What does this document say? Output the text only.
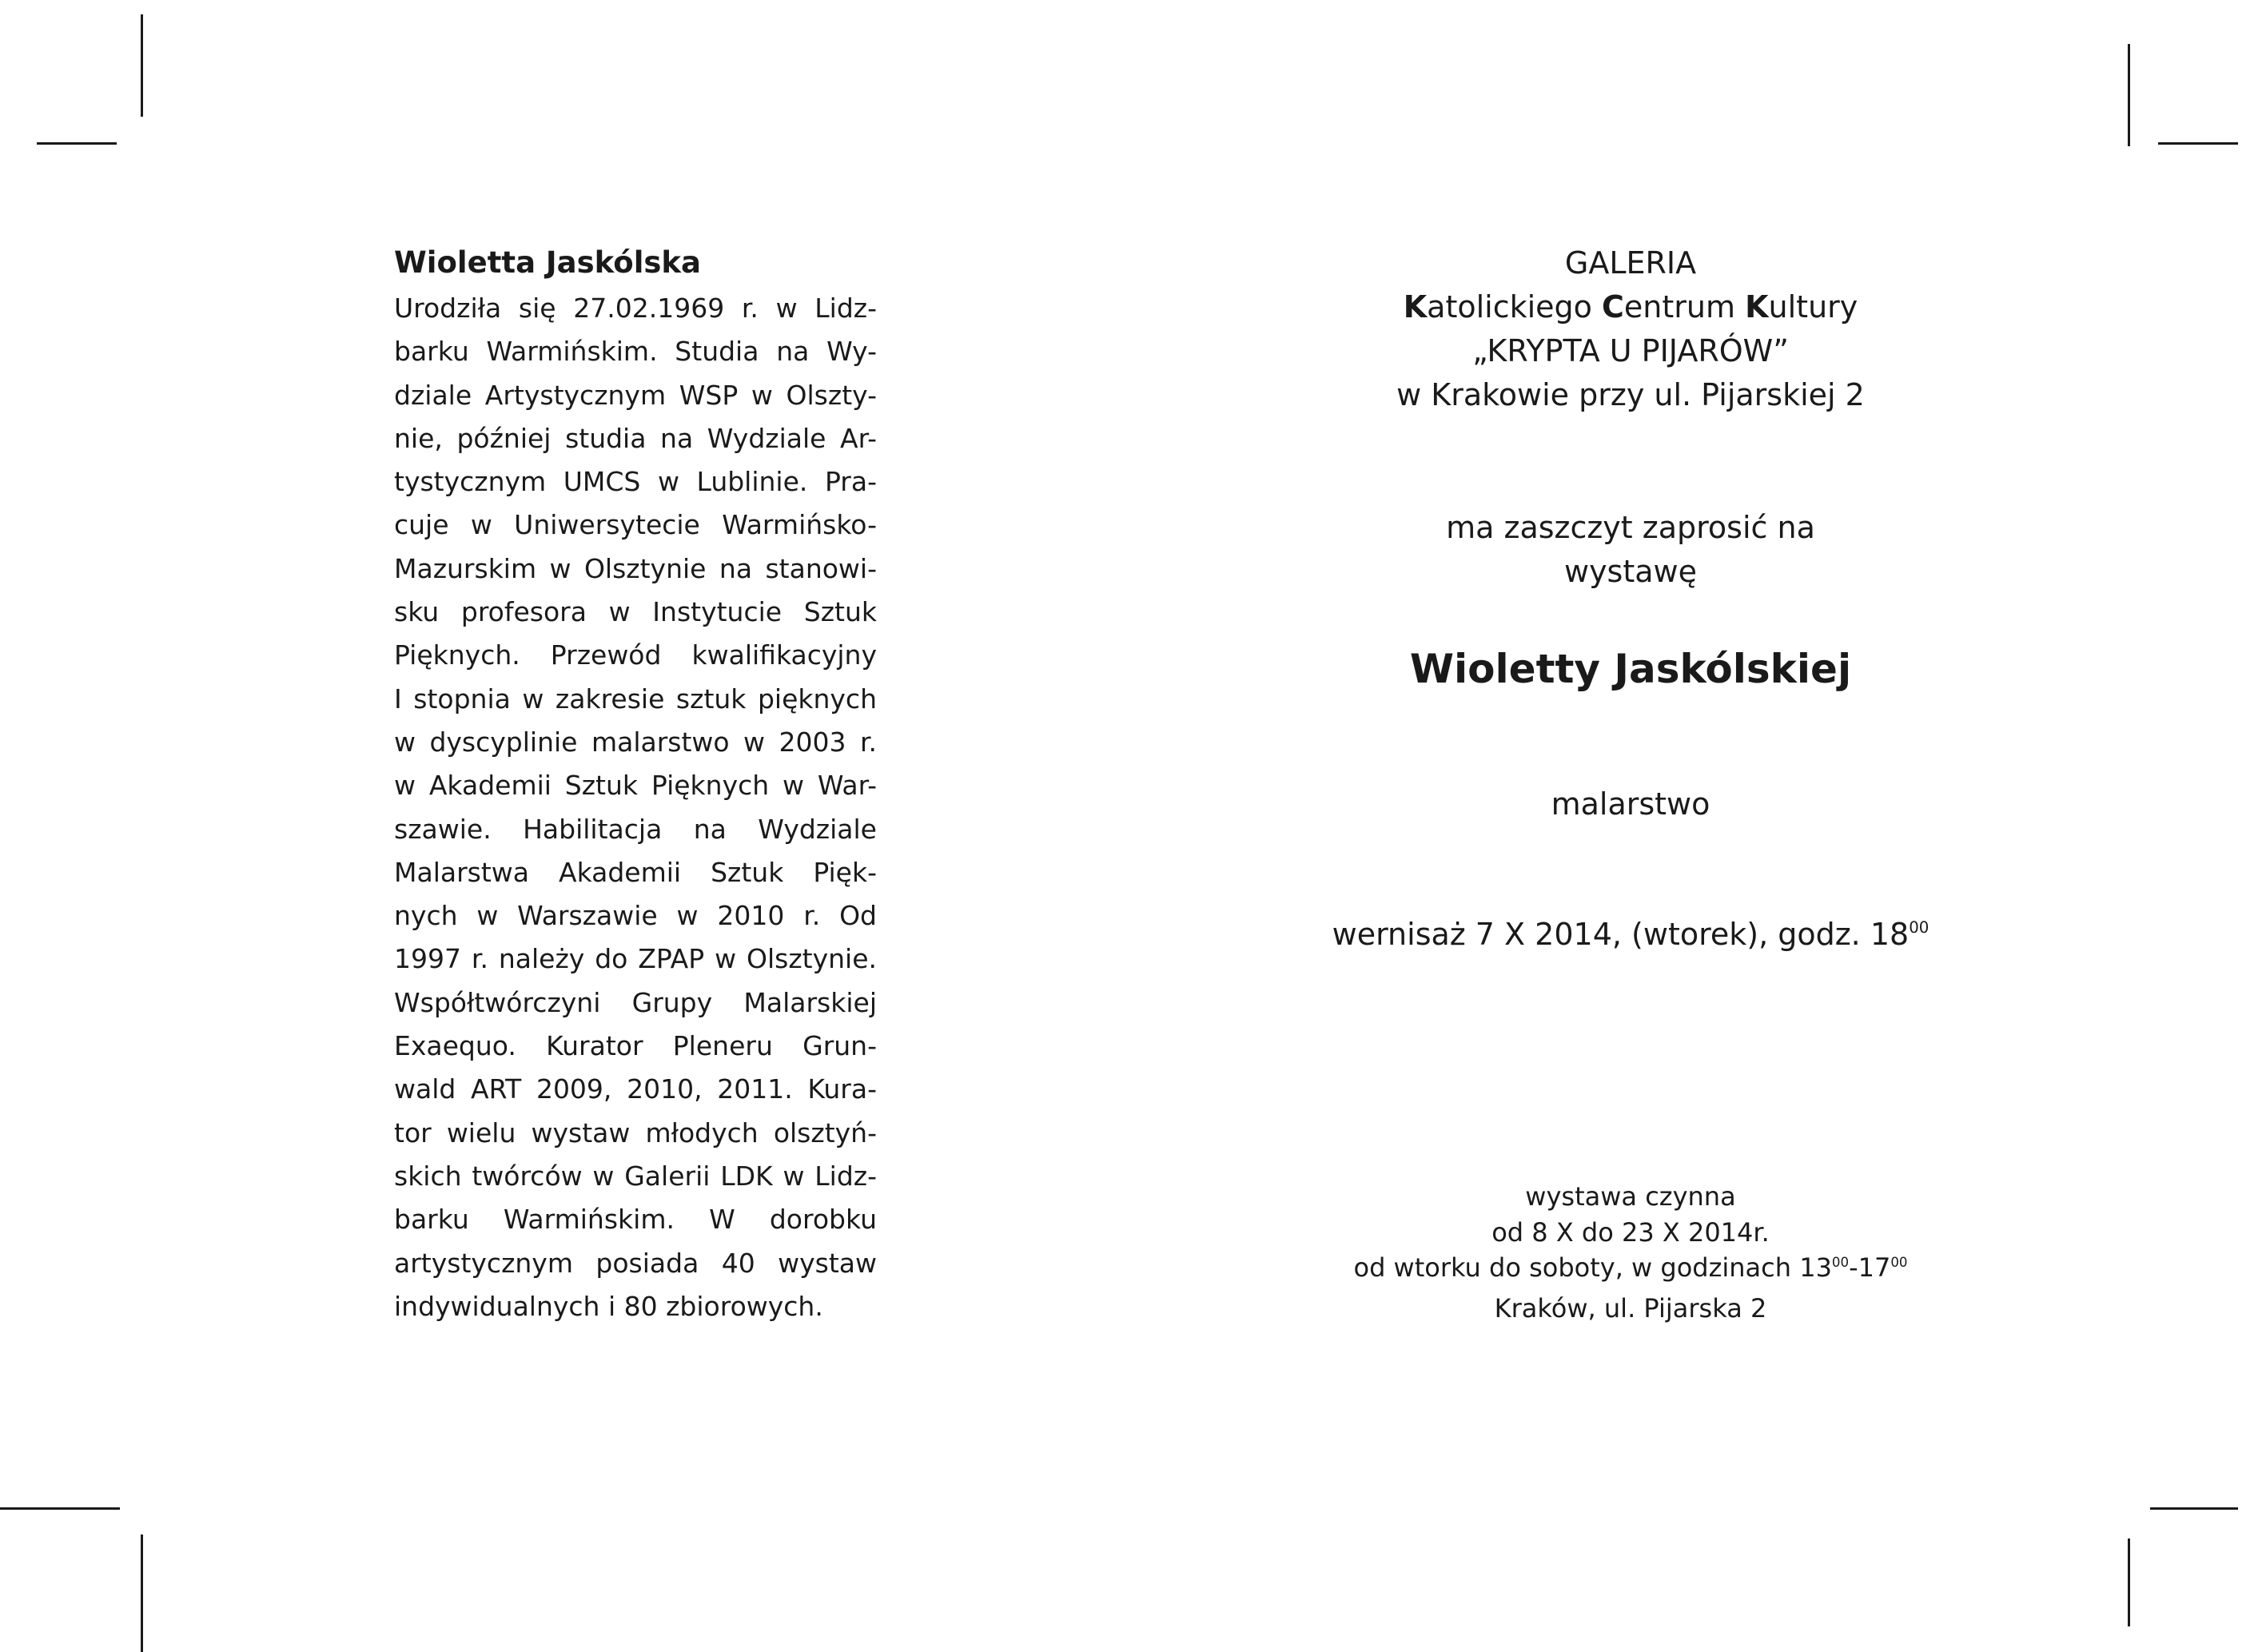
Wioletta Jaskólska
Urodziła się 27.02.1969 r. w Lidz-
barku Warmińskim. Studia na Wy-
dziale Artystycznym WSP w Olszty-
nie, później studia na Wydziale Ar-
tystycznym UMCS w Lublinie. Pra-
cuje w Uniwersytecie Warmińsko-
Mazurskim w Olsztynie na stanowi-
sku profesora w Instytucie Sztuk
Pięknych. Przewód kwalifikacyjny
I stopnia w zakresie sztuk pięknych
w dyscyplinie malarstwo w 2003 r.
w Akademii Sztuk Pięknych w War-
szawie. Habilitacja na Wydziale
Malarstwa Akademii Sztuk Pięk-
nych w Warszawie w 2010 r. Od
1997 r. należy do ZPAP w Olsztynie.
Współtwórczyni Grupy Malarskiej
Exaequo. Kurator Pleneru Grun-
wald ART 2009, 2010, 2011. Kura-
tor wielu wystaw młodych olsztyń-
skich twórców w Galerii LDK w Lidz-
barku Warmińskim. W dorobku
artystycznym posiada 40 wystaw
indywidualnych i 80 zbiorowych.
GALERIA
Katolickiego Centrum Kultury
„KRYPTA U PIJARÓW”
w Krakowie przy ul. Pijarskiej 2
ma zaszczyt zaprosić na
wystawę
Wioletty Jaskólskiej
malarstwo
wernisaż 7 X 2014, (wtorek), godz. $18^{00}$
wystawa czynna
od 8 X do 23 X 2014r.
od wtorku do soboty, w godzinach $13^{00}-17^{00}$
Kraków, ul. Pijarska 2
